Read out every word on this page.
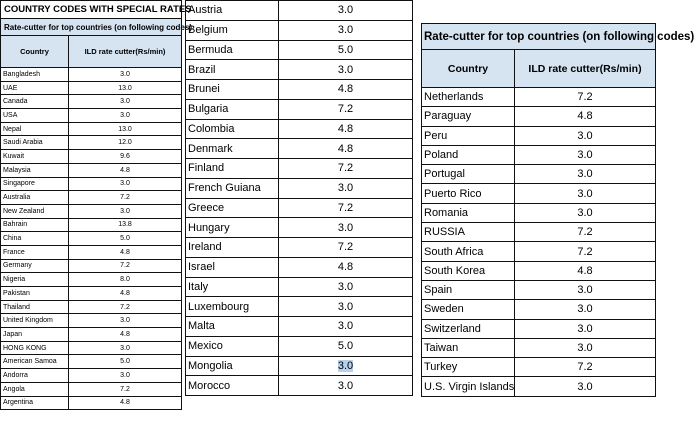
COUNTRY CODES WITH SPECIAL RATES	
Rate-cutter for top countries (on following codes)	
Country	ILD rate cutter(Rs/min)
Bangladesh	3.0
UAE	13.0
Canada	3.0
USA	3.0
Nepal	13.0
Saudi Arabia	12.0
Kuwait	9.6
Malaysia	4.8
Singapore	3.0
Australia	7.2
New Zealand	3.0
Bahrain	13.8
China	5.0
France	4.8
Germany	7.2
Nigeria	8.0
Pakistan	4.8
Thailand	7.2
United Kingdom	3.0
Japan	4.8
HONG KONG	3.0
American Samoa	5.0
Andorra	3.0
Angola	7.2
Argentina	4.8
Austria	3.0
Belgium	3.0
Bermuda	5.0
Brazil	3.0
Brunei	4.8
Bulgaria	7.2
Colombia	4.8
Denmark	4.8
Finland	7.2
French Guiana	3.0
Greece	7.2
Hungary	3.0
Ireland	7.2
Israel	4.8
Italy	3.0
Luxembourg	3.0
Malta	3.0
Mexico	5.0
Mongolia	3.0
Morocco	3.0
Rate-cutter for top countries (on following codes)	
Country	ILD rate cutter(Rs/min)
Netherlands	7.2
Paraguay	4.8
Peru	3.0
Poland	3.0
Portugal	3.0
Puerto Rico	3.0
Romania	3.0
RUSSIA	7.2
South Africa	7.2
South Korea	4.8
Spain	3.0
Sweden	3.0
Switzerland	3.0
Taiwan	3.0
Turkey	7.2
U.S. Virgin Islands	3.0
